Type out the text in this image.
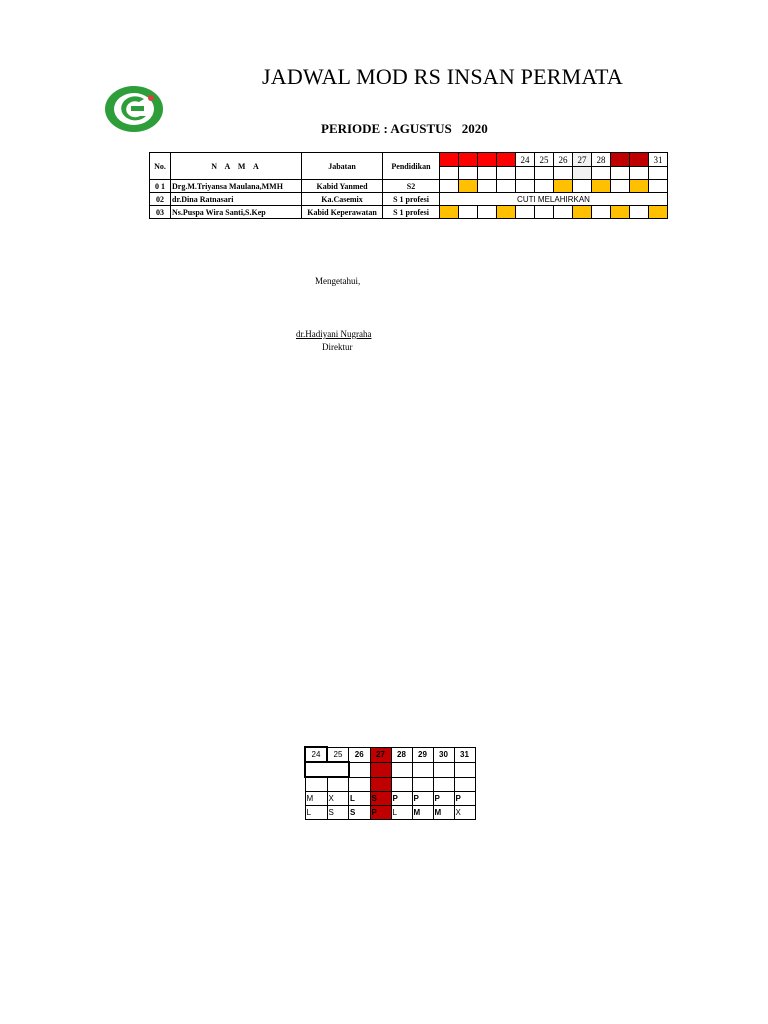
JADWAL MOD RS INSAN PERMATA
PERIODE : AGUSTUS 2020
No.	N A M A	Jabatan	Pendidikan	20	21	22	23	24	25	26	27	28	29	30	31

0 1	Drg.M.Triyansa Maulana,MMH	Kabid Yanmed	S2												
02	dr.Dina Ratnasari	Ka.Casemix	S 1 profesi	CUTI MELAHIRKAN											
03	Ns.Puspa Wira Santi,S.Kep	Kabid Keperawatan	S 1 profesi												
Mengetahui,
dr.Hadiyani Nugraha
Direktur
24	25	26	27	28	29	30	31

M	X	L	S	P	P	P	P
L	S	S	P	L	M	M	X
